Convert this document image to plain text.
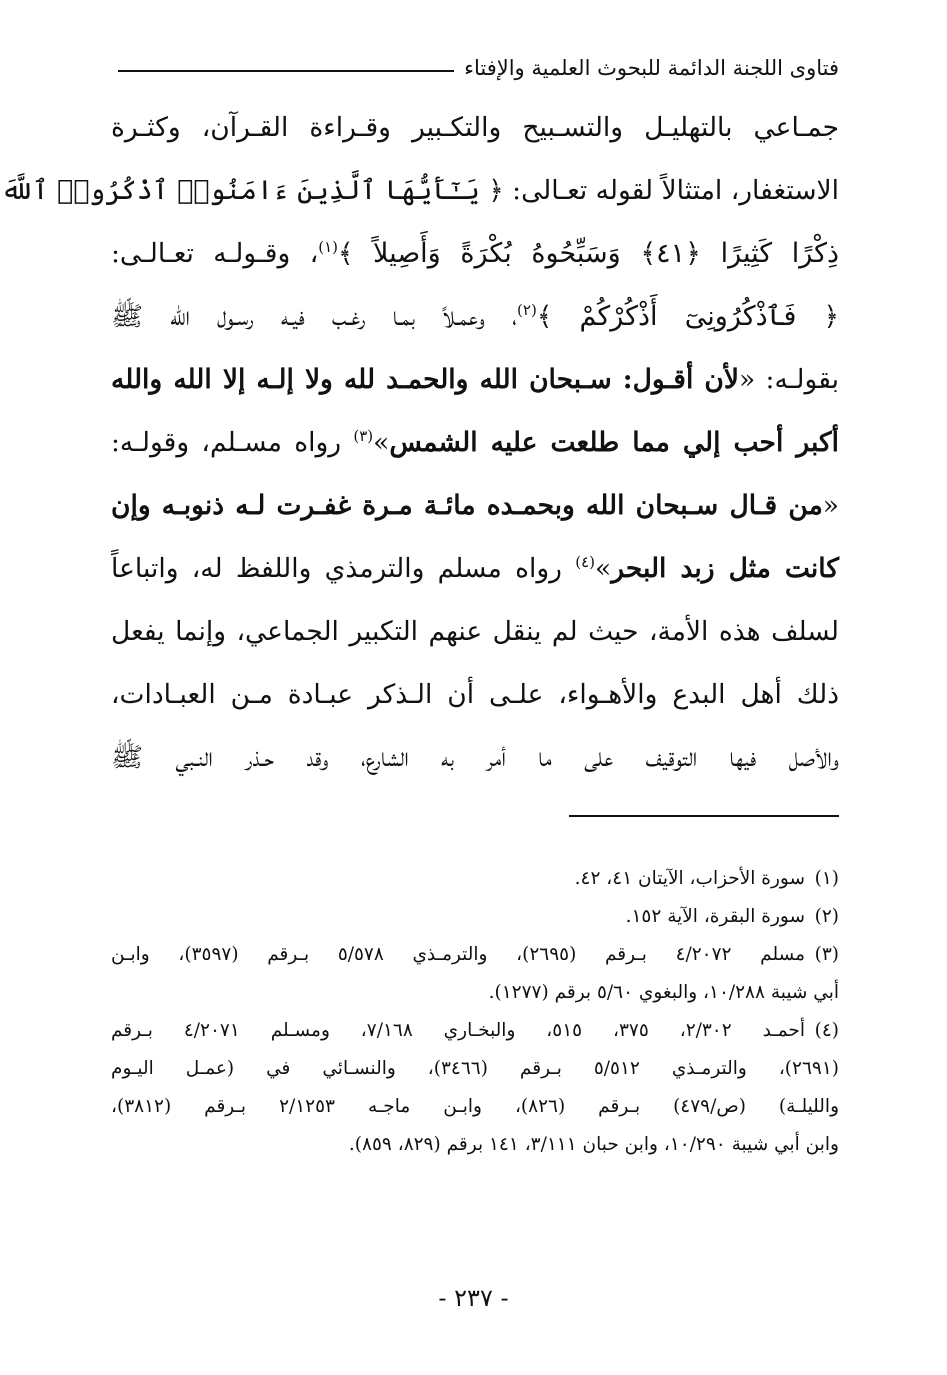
فتاوى اللجنة الدائمة للبحوث العلمية والإفتاء
جمـاعي بالتهليـل والتسـبيح والتكـبير وقـراءة القـرآن، وكثـرة
الاستغفار، امتثالاً لقوله تعـالى: ﴿ يَـٰٓأَيُّهَا ٱلَّذِينَ ءَامَنُوا۟ ٱذْكُرُوا۟ ٱللَّهَ
ذِكْرًا كَثِيرًا ﴿٤١﴾ وَسَبِّحُوهُ بُكْرَةً وَأَصِيلاً ﴾$^{(١)}$، وقـولـه تعـالـى:
﴿ فَٱذْكُرُونِىٓ أَذْكُرْكُمْ ﴾$^{(٢)}$، وعمـلاً بمـا رغـب فيـه رسـول الله ﷺ
بقولـه: «لأن أقـول: سـبحان الله والحمـد لله ولا إلـه إلا الله والله
أكبر أحب إلي مما طلعت عليه الشمس»$^{(٣)}$ رواه مسـلم، وقولـه:
«من قـال سـبحان الله وبحمـده مائـة مـرة غفـرت لـه ذنوبـه وإن
كانت مثل زبد البحر»$^{(٤)}$ رواه مسلم والترمذي واللفظ له، واتباعاً
لسلف هذه الأمة، حيث لم ينقل عنهم التكبير الجماعي، وإنما يفعل
ذلك أهل البدع والأهـواء، علـى أن الـذكر عبـادة مـن العبـادات،
والأصل فيها التوقيف على ما أمر به الشارع، وقد حـذر النـبي ﷺ
(١)سورة الأحزاب، الآيتان ٤١، ٤٢.
(٢)سورة البقرة، الآية ١٥٢.
(٣)مسلم ٤/٢٠٧٢ بـرقم (٢٦٩٥)، والترمـذي ٥/٥٧٨ بـرقم (٣٥٩٧)، وابـن
أبي شيبة ١٠/٢٨٨، والبغوي ٥/٦٠ برقم (١٢٧٧).
(٤)أحمـد ٢/٣٠٢، ٣٧٥، ٥١٥، والبخـاري ٧/١٦٨، ومسـلم ٤/٢٠٧١ بـرقم
(٢٦٩١)، والترمـذي ٥/٥١٢ بـرقم (٣٤٦٦)، والنسـائي في (عمـل اليـوم
والليلـة) (ص/٤٧٩) بـرقم (٨٢٦)، وابـن ماجـه ٢/١٢٥٣ بـرقم (٣٨١٢)،
وابن أبي شيبة ١٠/٢٩٠، وابن حبان ٣/١١١، ١٤١ برقم (٨٢٩، ٨٥٩).
- ٢٣٧ -
